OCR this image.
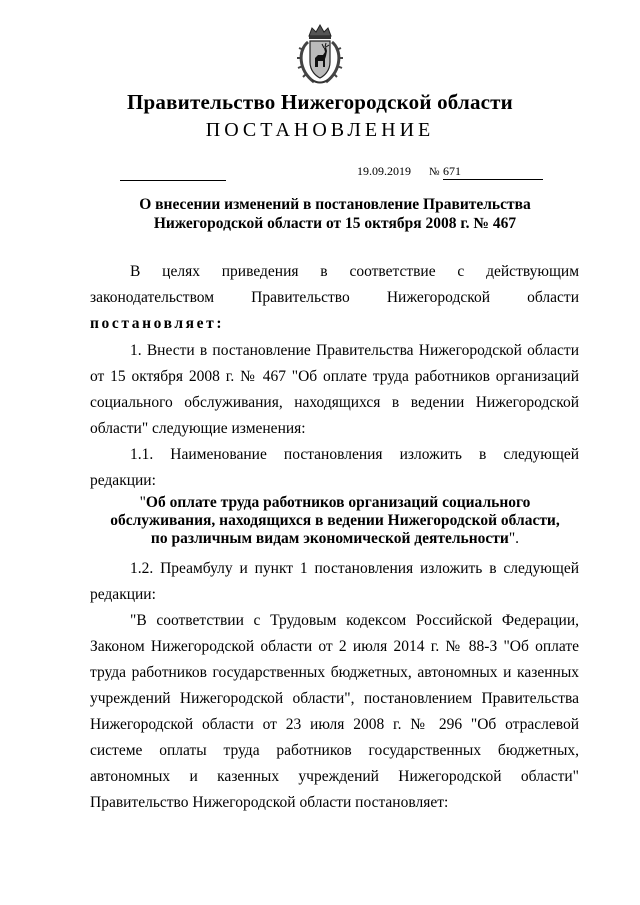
Правительство Нижегородской области
ПОСТАНОВЛЕНИЕ
19.09.2019 № 671
О внесении изменений в постановление Правительства
Нижегородской области от 15 октября 2008 г. № 467

В целях приведения в соответствие с действующим

законодательством Правительство Нижегородской области

постановляет:

1. Внести в постановление Правительства Нижегородской области от 15 октября 2008 г. № 467 "Об оплате труда работников организаций социального обслуживания, находящихся в ведении Нижегородской области" следующие изменения:

1.1. Наименование постановления изложить в следующей редакции:

"Об оплате труда работников организаций социального
обслуживания, находящихся в ведении Нижегородской области,
по различным видам экономической деятельности".

1.2. Преамбулу и пункт 1 постановления изложить в следующей редакции:

"В соответствии с Трудовым кодексом Российской Федерации, Законом Нижегородской области от 2 июля 2014 г. № 88-З "Об оплате труда работников государственных бюджетных, автономных и казенных учреждений Нижегородской области", постановлением Правительства Нижегородской области от 23 июля 2008 г. № 296 "Об отраслевой системе оплаты труда работников государственных бюджетных, автономных и казенных учреждений Нижегородской области" Правительство Нижегородской области постановляет:
